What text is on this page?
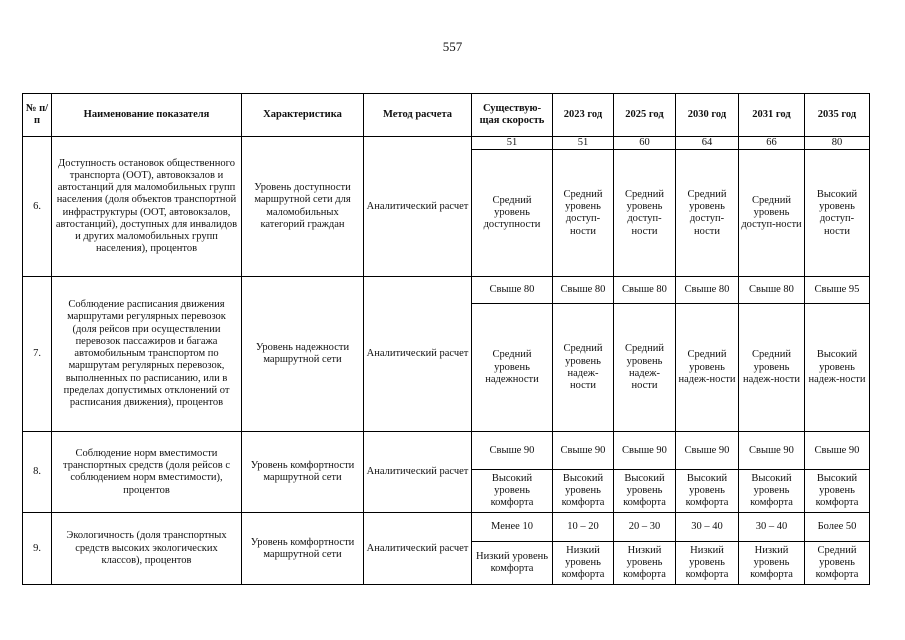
557
№ п/п	Наименование показателя	Характеристика	Метод расчета	Существую-щая скорость	2023 год	2025 год	2030 год	2031 год	2035 год
6.	Доступность остановок общественного транспорта (ООТ), автовокзалов и автостанций для маломобильных групп населения (доля объектов транспортной инфраструктуры (ООТ, автовокзалов, автостанций), доступных для инвалидов и других маломобильных групп населения), процентов	Уровень доступности маршрутной сети для маломобильных категорий граждан	Аналитический расчет	51	51	60	64	66	80
				Средний уровень доступности	Средний уровень доступ-ности	Средний уровень доступ-ности	Средний уровень доступ-ности	Средний уровень доступ-ности	Высокий уровень доступ-ности
7.	Соблюдение расписания движения маршрутами регулярных перевозок (доля рейсов при осуществлении перевозок пассажиров и багажа автомобильным транспортом по маршрутам регулярных перевозок, выполненных по расписанию, или в пределах допустимых отклонений от расписания движения), процентов	Уровень надежности маршрутной сети	Аналитический расчет	Свыше 80	Свыше 80	Свыше 80	Свыше 80	Свыше 80	Свыше 95
				Средний уровень надежности	Средний уровень надеж-ности	Средний уровень надеж-ности	Средний уровень надеж-ности	Средний уровень надеж-ности	Высокий уровень надеж-ности
8.	Соблюдение норм вместимости транспортных средств (доля рейсов с соблюдением норм вместимости), процентов	Уровень комфортности маршрутной сети	Аналитический расчет	Свыше 90	Свыше 90	Свыше 90	Свыше 90	Свыше 90	Свыше 90
				Высокий уровень комфорта	Высокий уровень комфорта	Высокий уровень комфорта	Высокий уровень комфорта	Высокий уровень комфорта	Высокий уровень комфорта
9.	Экологичность (доля транспортных средств высоких экологических классов), процентов	Уровень комфортности маршрутной сети	Аналитический расчет	Менее 10	10 – 20	20 – 30	30 – 40	30 – 40	Более 50
				Низкий уровень комфорта	Низкий уровень комфорта	Низкий уровень комфорта	Низкий уровень комфорта	Низкий уровень комфорта	Средний уровень комфорта
